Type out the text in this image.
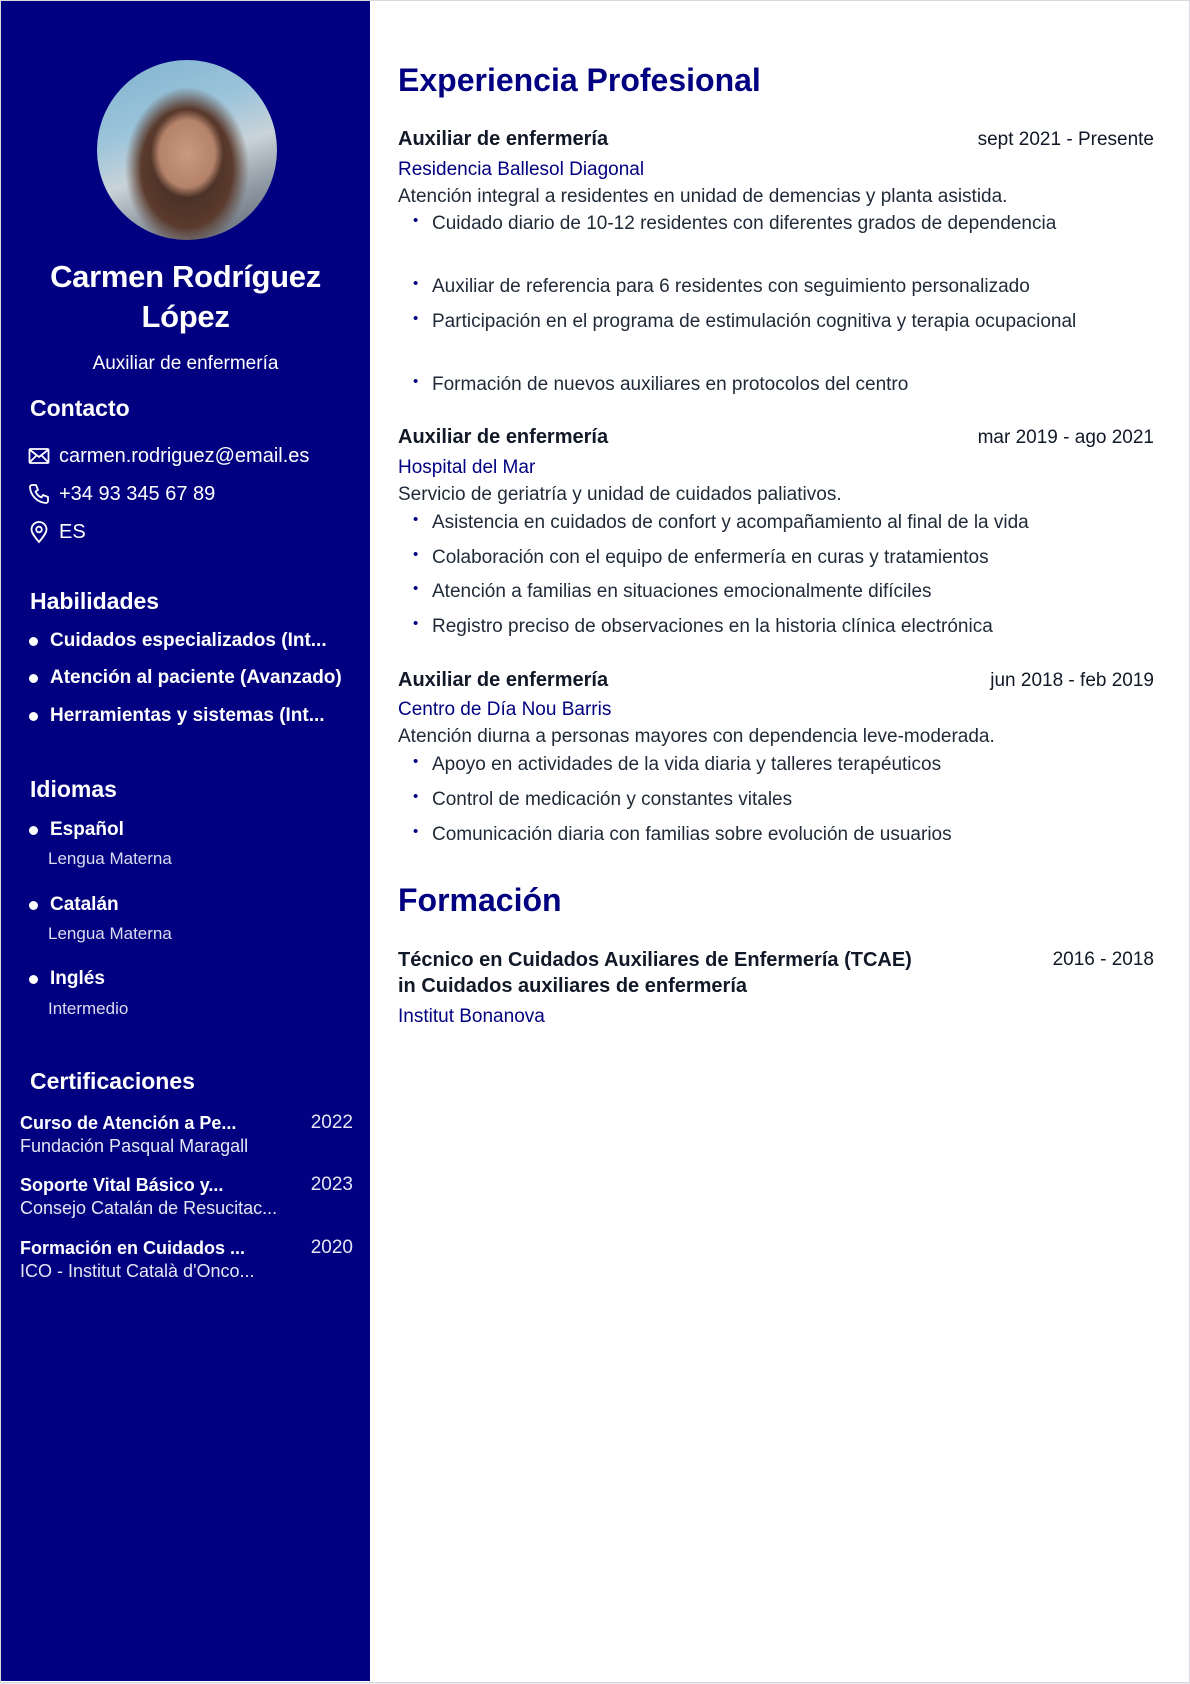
Carmen Rodríguez
López
Auxiliar de enfermería
Contacto
carmen.rodriguez@email.es
+34 93 345 67 89
ES
Habilidades
Cuidados especializados (Int...
Atención al paciente (Avanzado)
Herramientas y sistemas (Int...
Idiomas
Español
Lengua Materna
Catalán
Lengua Materna
Inglés
Intermedio
Certificaciones
Curso de Atención a Pe...	2022
Fundación Pasqual Maragall
Soporte Vital Básico y...	2023
Consejo Catalán de Resucitac...
Formación en Cuidados ...	2020
ICO - Institut Català d'Onco...
Experiencia Profesional
Auxiliar de enfermería	sept 2021 - Presente
Residencia Ballesol Diagonal
Atención integral a residentes en unidad de demencias y planta asistida.
• Cuidado diario de 10-12 residentes con diferentes grados de dependencia
• Auxiliar de referencia para 6 residentes con seguimiento personalizado
• Participación en el programa de estimulación cognitiva y terapia ocupacional
• Formación de nuevos auxiliares en protocolos del centro
Auxiliar de enfermería	mar 2019 - ago 2021
Hospital del Mar
Servicio de geriatría y unidad de cuidados paliativos.
• Asistencia en cuidados de confort y acompañamiento al final de la vida
• Colaboración con el equipo de enfermería en curas y tratamientos
• Atención a familias en situaciones emocionalmente difíciles
• Registro preciso de observaciones en la historia clínica electrónica
Auxiliar de enfermería	jun 2018 - feb 2019
Centro de Día Nou Barris
Atención diurna a personas mayores con dependencia leve-moderada.
• Apoyo en actividades de la vida diaria y talleres terapéuticos
• Control de medicación y constantes vitales
• Comunicación diaria con familias sobre evolución de usuarios
Formación
Técnico en Cuidados Auxiliares de Enfermería (TCAE) in Cuidados auxiliares de enfermería
2016 - 2018
Institut Bonanova
